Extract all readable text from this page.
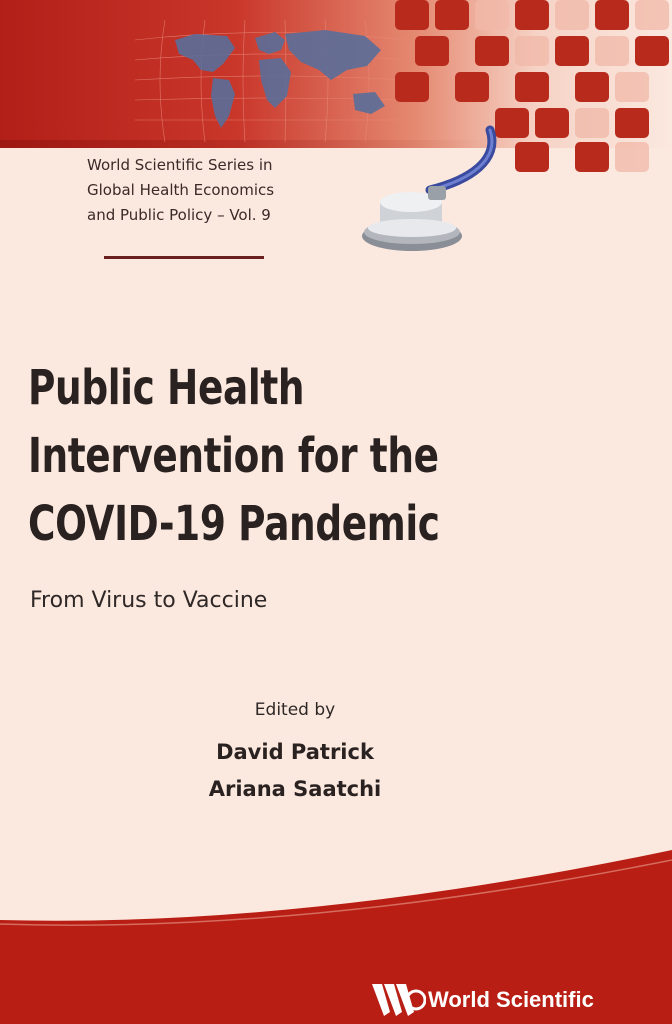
World Scientific Series in
Global Health Economics
and Public Policy – Vol. 9
Public Health
Intervention for the
COVID-19 Pandemic
From Virus to Vaccine
Edited by
David Patrick
Ariana Saatchi
World Scientific
